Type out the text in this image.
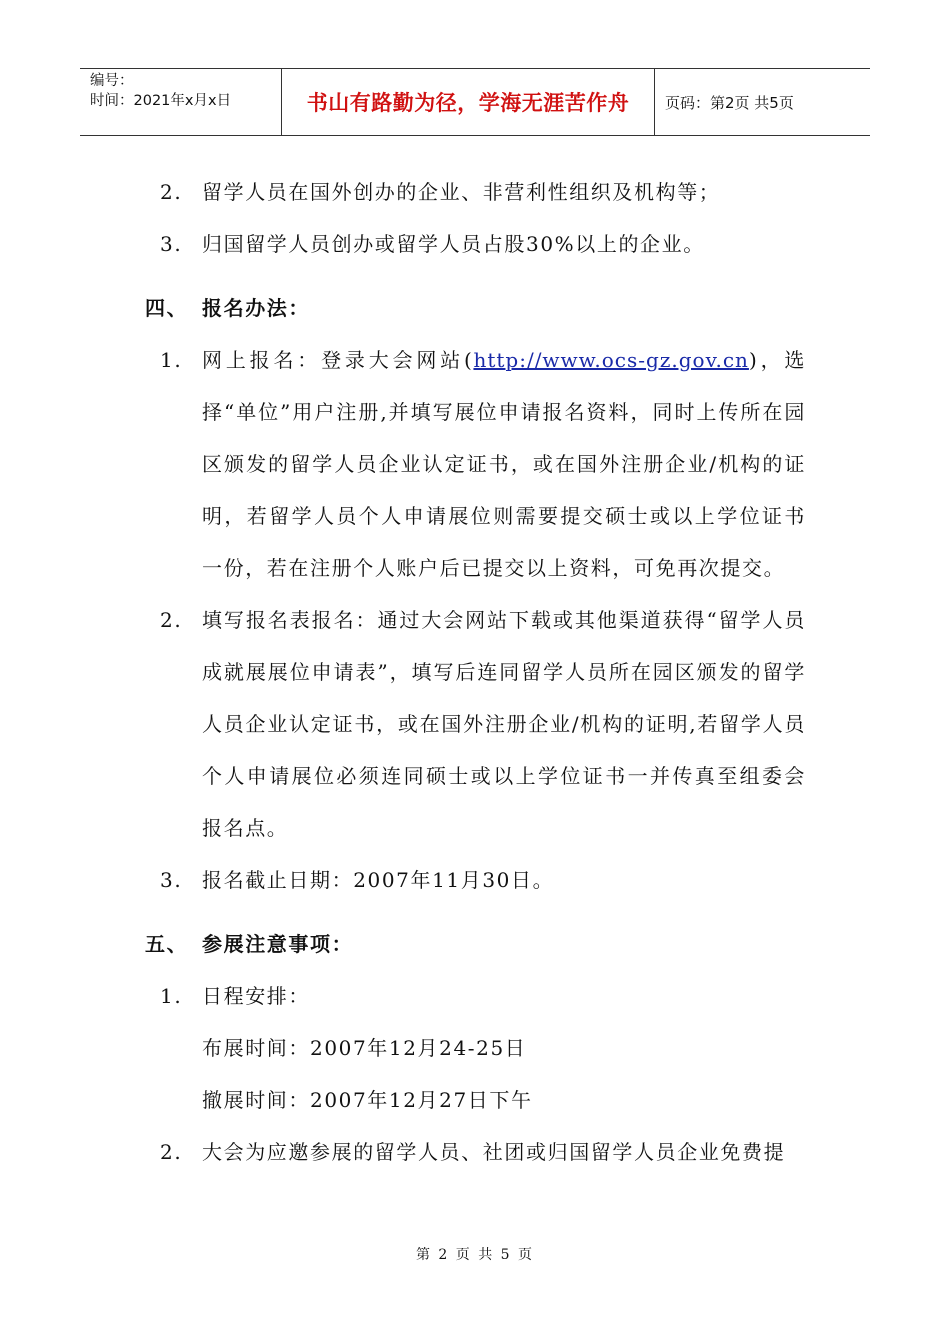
编号：
时间：2021年x月x日	书山有路勤为径，学海无涯苦作舟	页码：第2页 共5页
2. 留学人员在国外创办的企业、非营利性组织及机构等；
3. 归国留学人员创办或留学人员占股30%以上的企业。
四、 报名办法：
1. 网上报名：登录大会网站(http://www.ocs-gz.gov.cn)，选择“单位”用户注册,并填写展位申请报名资料，同时上传所在园区颁发的留学人员企业认定证书，或在国外注册企业/机构的证明，若留学人员个人申请展位则需要提交硕士或以上学位证书一份，若在注册个人账户后已提交以上资料，可免再次提交。
2. 填写报名表报名：通过大会网站下载或其他渠道获得“留学人员成就展展位申请表”，填写后连同留学人员所在园区颁发的留学人员企业认定证书，或在国外注册企业/机构的证明,若留学人员个人申请展位必须连同硕士或以上学位证书一并传真至组委会报名点。
3. 报名截止日期：2007年11月30日。
五、 参展注意事项：
1. 日程安排：
布展时间：2007年12月24-25日
撤展时间：2007年12月27日下午
2. 大会为应邀参展的留学人员、社团或归国留学人员企业免费提
第 2 页 共 5 页
